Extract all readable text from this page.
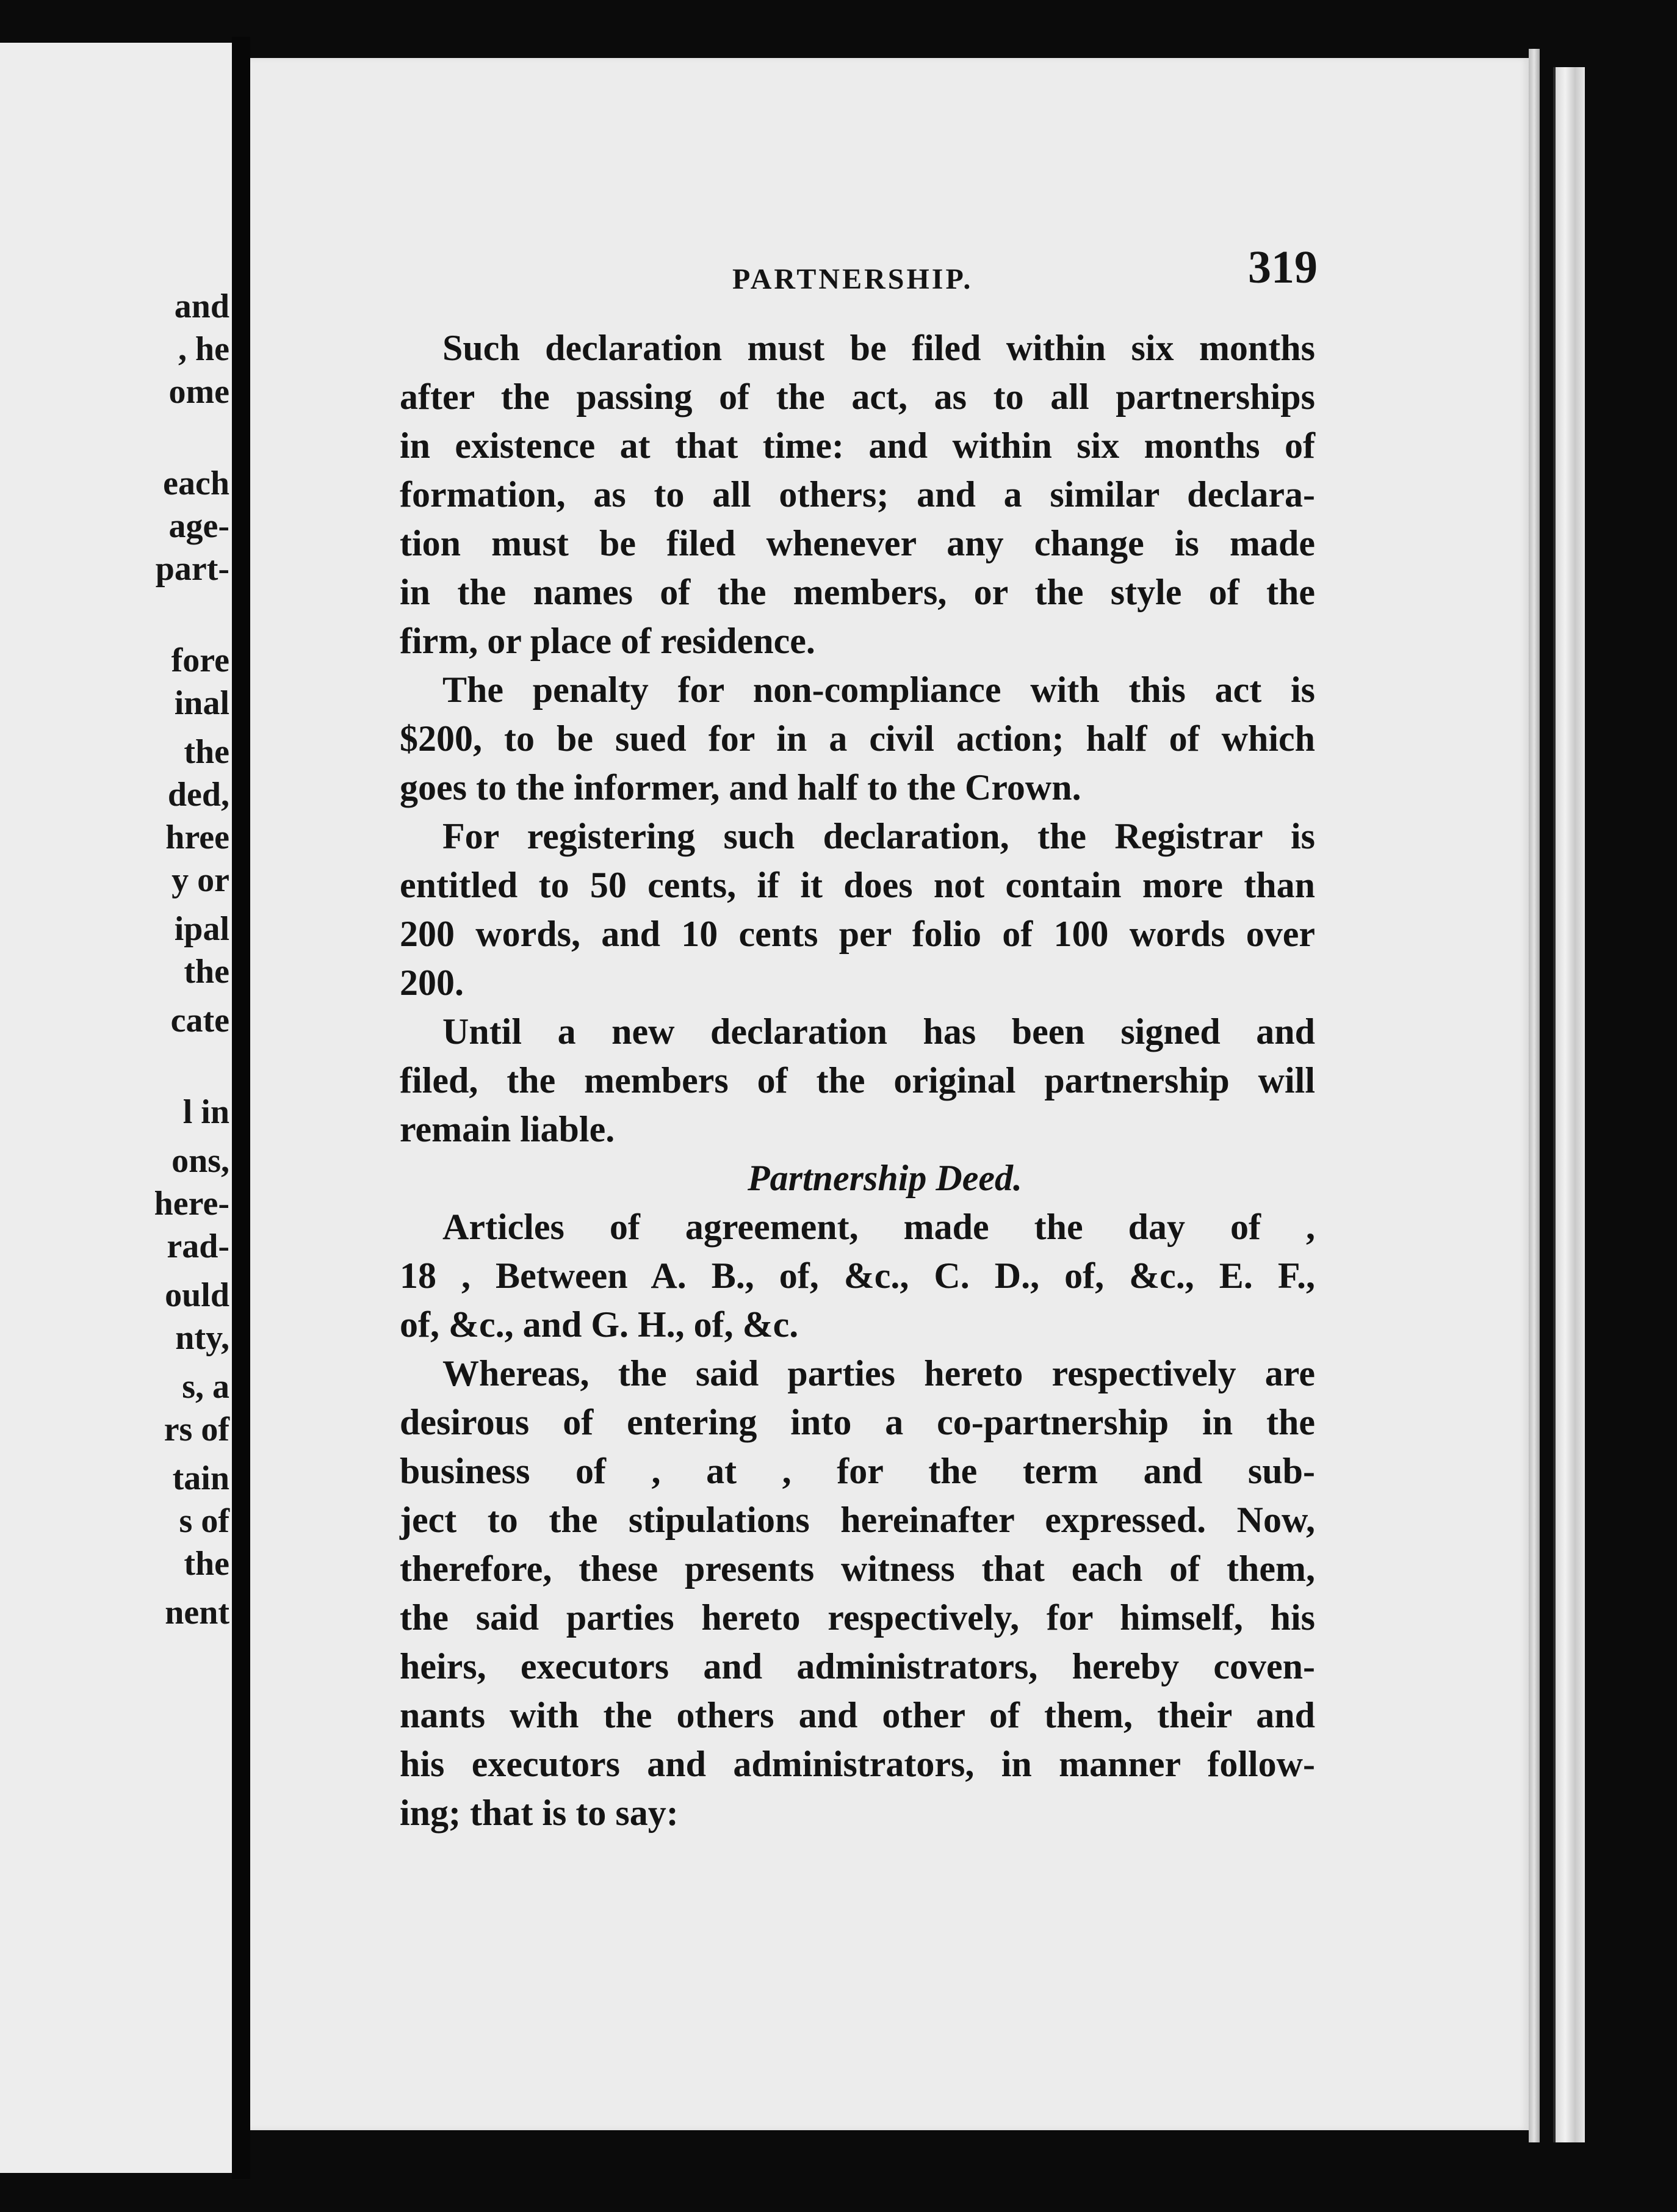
and
, he
ome
each
age-
part-
fore
inal
the
ded,
hree
y or
ipal
the
cate
l in
ons,
here-
rad-
ould
nty,
s, a
rs of
tain
s of
the
nent
PARTNERSHIP.	319
Such declaration must be filed within six months
after the passing of the act, as to all partnerships
in existence at that time: and within six months of
formation, as to all others; and a similar declara-
tion must be filed whenever any change is made
in the names of the members, or the style of the
firm, or place of residence.
The penalty for non-compliance with this act is
$200, to be sued for in a civil action; half of which
goes to the informer, and half to the Crown.
For registering such declaration, the Registrar is
entitled to 50 cents, if it does not contain more than
200 words, and 10 cents per folio of 100 words over
200.
Until a new declaration has been signed and
filed, the members of the original partnership will
remain liable.
Partnership Deed.
Articles of agreement, made the day of ,
18 , Between A. B., of, &c., C. D., of, &c., E. F.,
of, &c., and G. H., of, &c.
Whereas, the said parties hereto respectively are
desirous of entering into a co-partnership in the
business of , at , for the term and sub-
ject to the stipulations hereinafter expressed. Now,
therefore, these presents witness that each of them,
the said parties hereto respectively, for himself, his
heirs, executors and administrators, hereby coven-
nants with the others and other of them, their and
his executors and administrators, in manner follow-
ing; that is to say:
